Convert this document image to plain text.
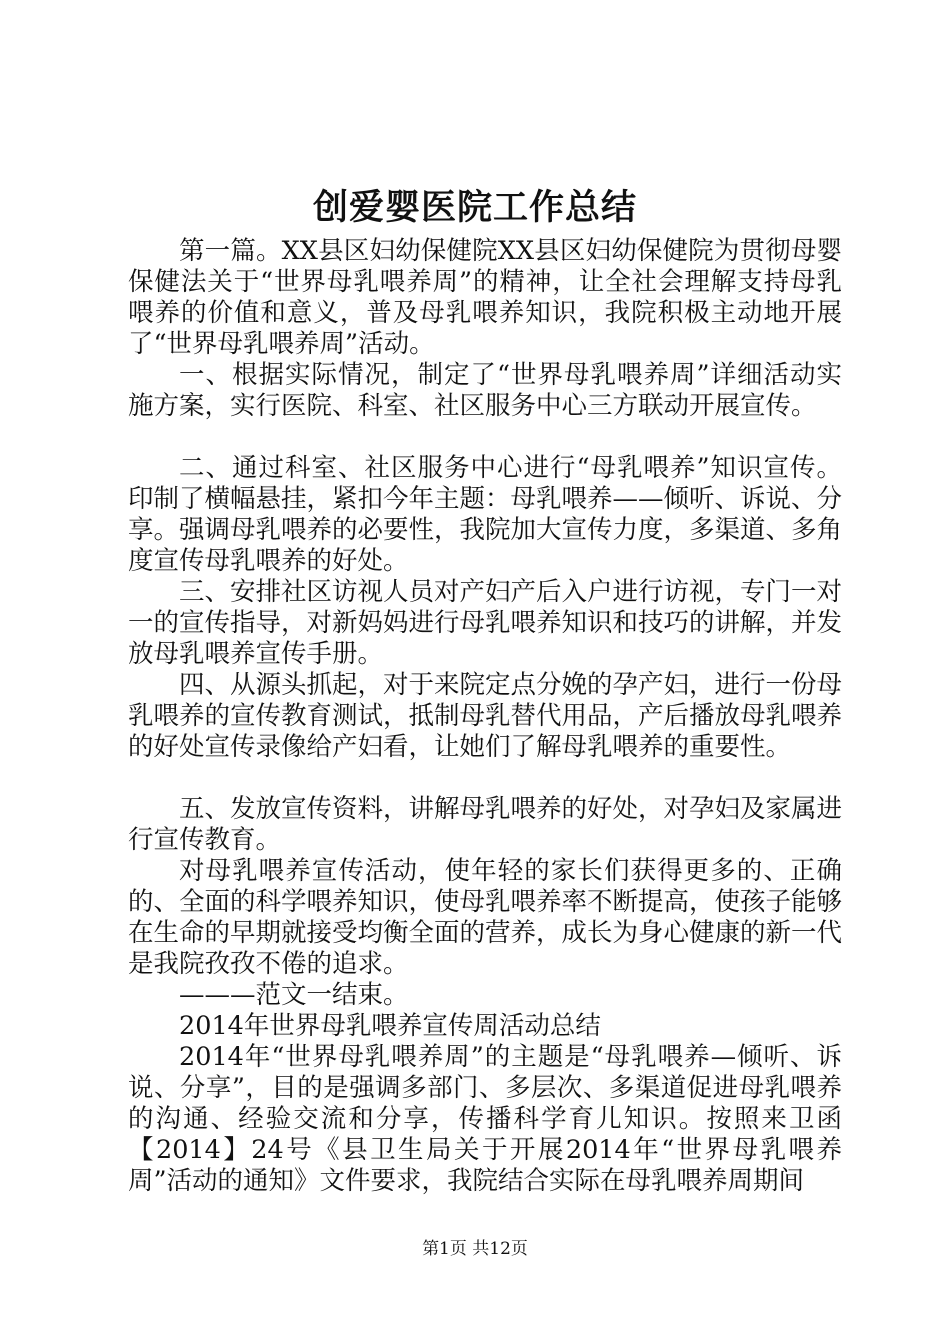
创爱婴医院工作总结

第一篇。XX县区妇幼保健院XX县区妇幼保健院为贯彻母婴保健法关于“世界母乳喂养周”的精神，让全社会理解支持母乳喂养的价值和意义，普及母乳喂养知识，我院积极主动地开展了“世界母乳喂养周”活动。

一、根据实际情况，制定了“世界母乳喂养周”详细活动实施方案，实行医院、科室、社区服务中心三方联动开展宣传。

二、通过科室、社区服务中心进行“母乳喂养”知识宣传。印制了横幅悬挂，紧扣今年主题：母乳喂养——倾听、诉说、分享。强调母乳喂养的必要性，我院加大宣传力度，多渠道、多角度宣传母乳喂养的好处。

三、安排社区访视人员对产妇产后入户进行访视，专门一对一的宣传指导，对新妈妈进行母乳喂养知识和技巧的讲解，并发放母乳喂养宣传手册。

四、从源头抓起，对于来院定点分娩的孕产妇，进行一份母乳喂养的宣传教育测试，抵制母乳替代用品，产后播放母乳喂养的好处宣传录像给产妇看，让她们了解母乳喂养的重要性。

五、发放宣传资料，讲解母乳喂养的好处，对孕妇及家属进行宣传教育。

对母乳喂养宣传活动，使年轻的家长们获得更多的、正确的、全面的科学喂养知识，使母乳喂养率不断提高，使孩子能够在生命的早期就接受均衡全面的营养，成长为身心健康的新一代是我院孜孜不倦的追求。

———范文一结束。

2014年世界母乳喂养宣传周活动总结

2014年“世界母乳喂养周”的主题是“母乳喂养—倾听、诉说、分享”，目的是强调多部门、多层次、多渠道促进母乳喂养的沟通、经验交流和分享，传播科学育儿知识。按照来卫函【2014】24号《县卫生局关于开展2014年“世界母乳喂养周”活动的通知》文件要求，我院结合实际在母乳喂养周期间

第1页 共12页
